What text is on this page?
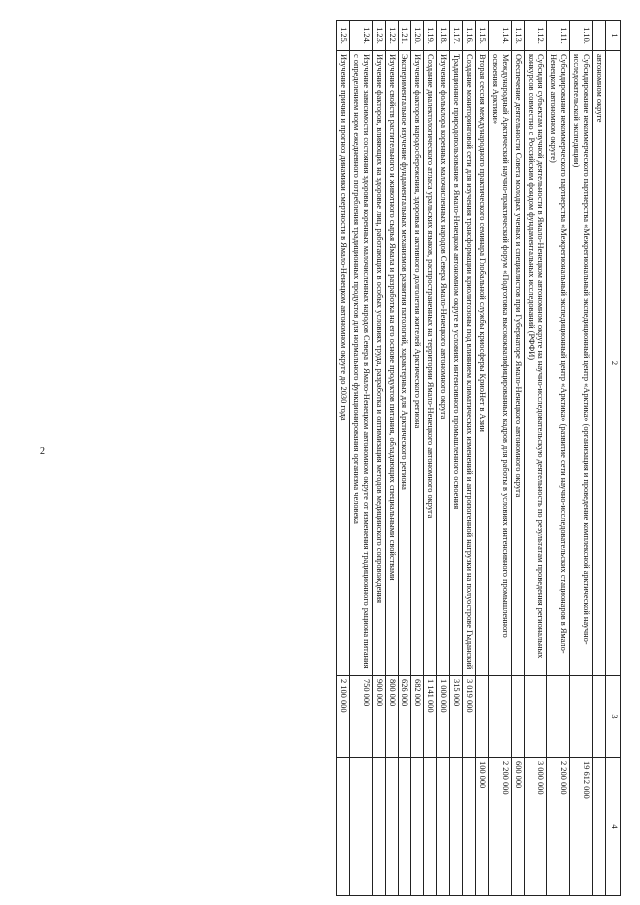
2
1	2	3	4
	автономном округе		
1.10.	Субсидирование некоммерческого партнерства «Межрегиональный экспедиционный центр «Арктика» (организация и проведение комплексной арктической научно-исследовательской экспедиции)		19 612 000
1.11.	Субсидирование некоммерческого партнерства «Межрегиональный экспедиционный центр «Арктика» (развитие сети научно-исследовательских стационаров в Ямало-Ненецком автономном округе)		2 200 000
1.12.	Субсидия субъектам научной деятельности в Ямало-Ненецком автономном округе на научно-исследовательскую деятельность по результатам проведения региональных конкурсов совместно с Российским фондом фундаментальных исследований (РФФИ)		3 000 000
1.13.	Обеспечение деятельности Совета молодых ученых и специалистов при Губернаторе Ямало-Ненецкого автономного округа		600 000
1.14.	Международный Арктический научно-практический форум «Подготовка высококвалифицированных кадров для работы в условиях интенсивного промышленного освоения Арктики»		2 200 000
1.15.	Вторая сессия международного практического семинара Глобальной службы криосферы КриоНет в Азии		100 000
1.16.	Создание мониторинговой сети для изучения трансформации криолитозоны под влиянием климатических изменений и антропогенной нагрузки на полуострове Гыданский	3 019 000	
1.17.	Традиционное природопользование в Ямало-Ненецком автономном округе в условиях интенсивного промышленного освоения	315 000	
1.18.	Изучение фольклора коренных малочисленных народов Севера Ямало-Ненецкого автономного округа	1 000 000	
1.19.	Создание диалектологического атласа уральских языков, распространенных на территории Ямало-Ненецкого автономного округа	1 141 000	
1.20.	Изучение факторов народосбережения, здоровья и активного долголетия жителей Арктического региона	682 000	
1.21.	Экспериментальное изучение фундаментальных механизмов развития патологий, характерных для Арктического региона	626 000	
1.22.	Изучение свойств растительного и животного сырья Ямала и разработка на его основе продуктов питания, обладающих специальными свойствами	800 000	
1.23.	Изучение факторов, влияющих на здоровье лиц, работающих в особых условиях труда, разработка и оптимизация методов медицинского сопровождения	900 000	
1.24.	Изучение зависимости состояния здоровья коренных малочисленных народов Севера в Ямало-Ненецком автономном округе от изменения традиционного рациона питания с определением норм ежедневного потребления традиционных продуктов для нормального функционирования организма человека	750 000	
1.25.	Изучение причин и прогноз динамики смертности в Ямало-Ненецком автономном округе до 2030 года	2 100 000	
